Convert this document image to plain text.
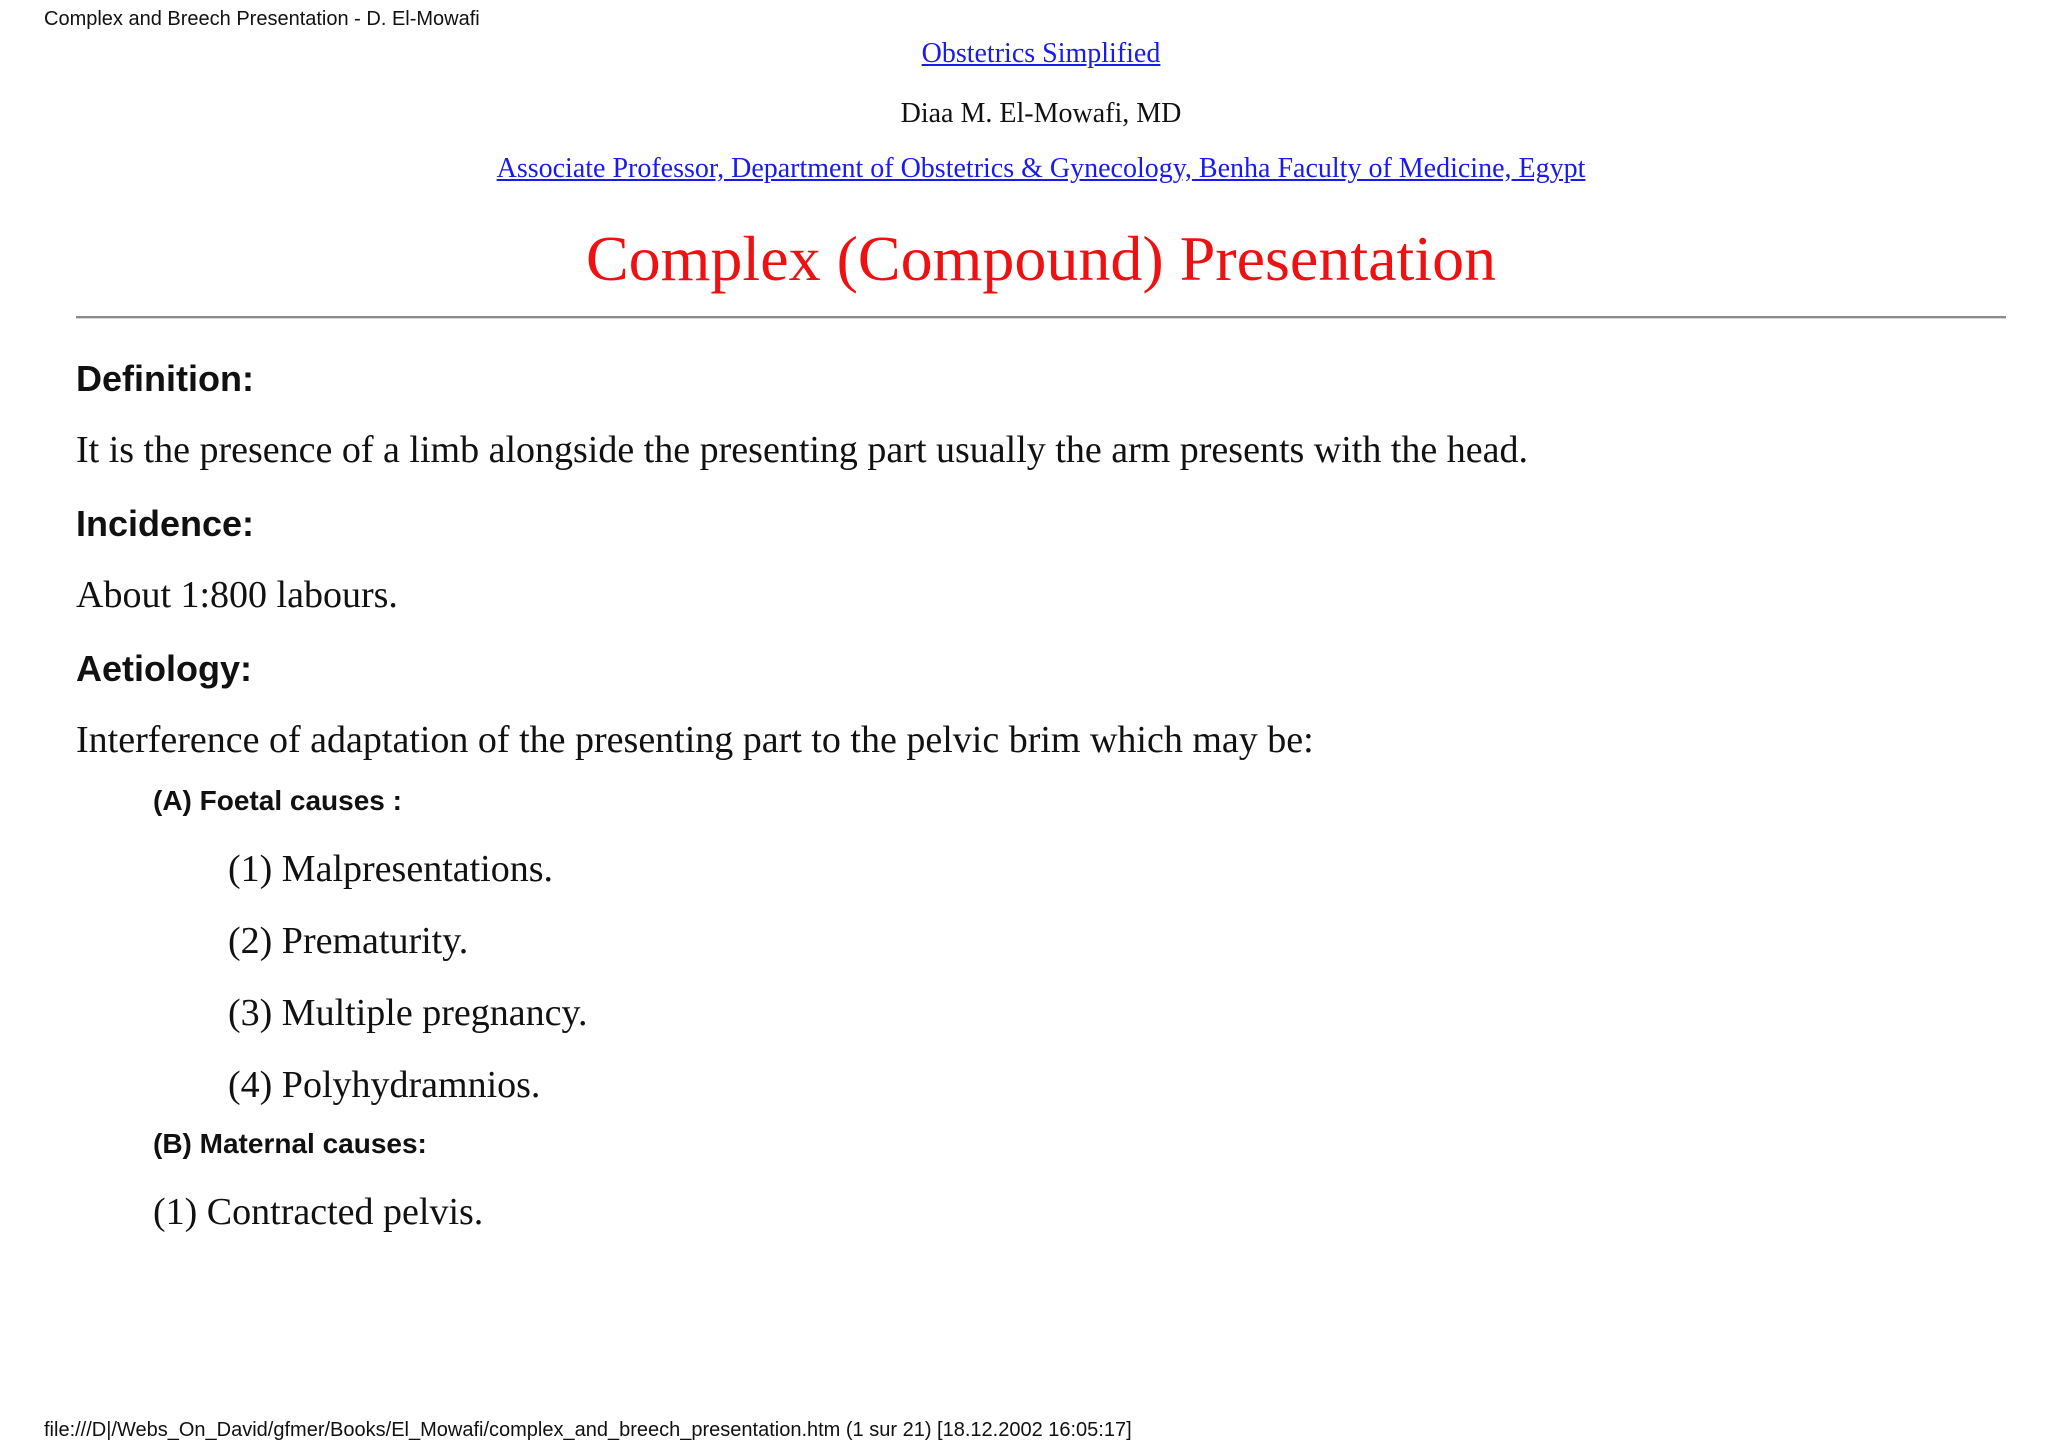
Complex and Breech Presentation - D. El-Mowafi
Obstetrics Simplified
Diaa M. El-Mowafi, MD
Associate Professor, Department of Obstetrics & Gynecology, Benha Faculty of Medicine, Egypt
Complex (Compound) Presentation
Definition:
It is the presence of a limb alongside the presenting part usually the arm presents with the head.
Incidence:
About 1:800 labours.
Aetiology:
Interference of adaptation of the presenting part to the pelvic brim which may be:
(A) Foetal causes :
(1) Malpresentations.
(2) Prematurity.
(3) Multiple pregnancy.
(4) Polyhydramnios.
(B) Maternal causes:
(1) Contracted pelvis.
file:///D|/Webs_On_David/gfmer/Books/El_Mowafi/complex_and_breech_presentation.htm (1 sur 21) [18.12.2002 16:05:17]
